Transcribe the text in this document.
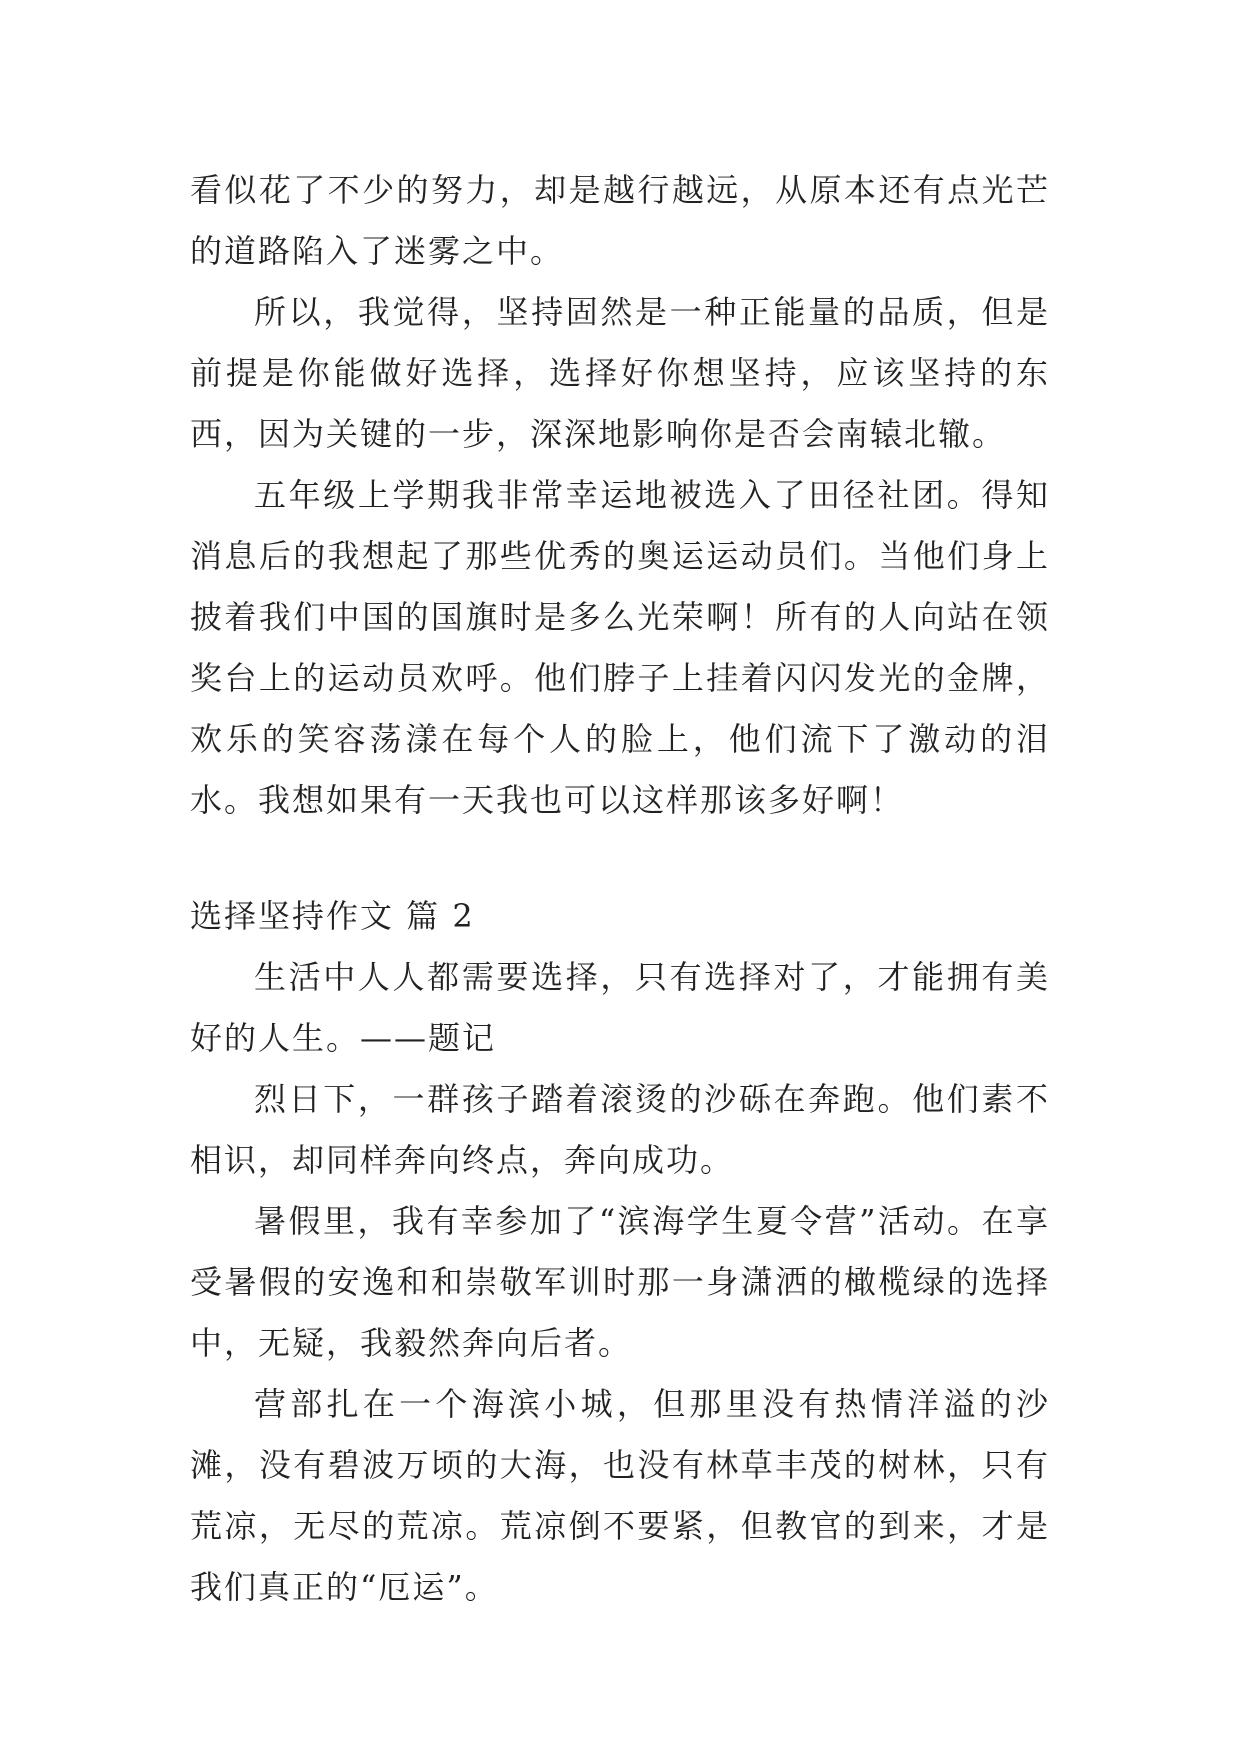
看似花了不少的努力，却是越行越远，从原本还有点光芒的道路陷入了迷雾之中。

所以，我觉得，坚持固然是一种正能量的品质，但是前提是你能做好选择，选择好你想坚持，应该坚持的东西，因为关键的一步，深深地影响你是否会南辕北辙。

五年级上学期我非常幸运地被选入了田径社团。得知消息后的我想起了那些优秀的奥运运动员们。当他们身上披着我们中国的国旗时是多么光荣啊！所有的人向站在领奖台上的运动员欢呼。他们脖子上挂着闪闪发光的金牌，欢乐的笑容荡漾在每个人的脸上，他们流下了激动的泪水。我想如果有一天我也可以这样那该多好啊！

选择坚持作文 篇 2

生活中人人都需要选择，只有选择对了，才能拥有美好的人生。——题记

烈日下，一群孩子踏着滚烫的沙砾在奔跑。他们素不相识，却同样奔向终点，奔向成功。

暑假里，我有幸参加了“滨海学生夏令营”活动。在享受暑假的安逸和和崇敬军训时那一身潇洒的橄榄绿的选择中，无疑，我毅然奔向后者。

营部扎在一个海滨小城，但那里没有热情洋溢的沙滩，没有碧波万顷的大海，也没有林草丰茂的树林，只有荒凉，无尽的荒凉。荒凉倒不要紧，但教官的到来，才是我们真正的“厄运”。
